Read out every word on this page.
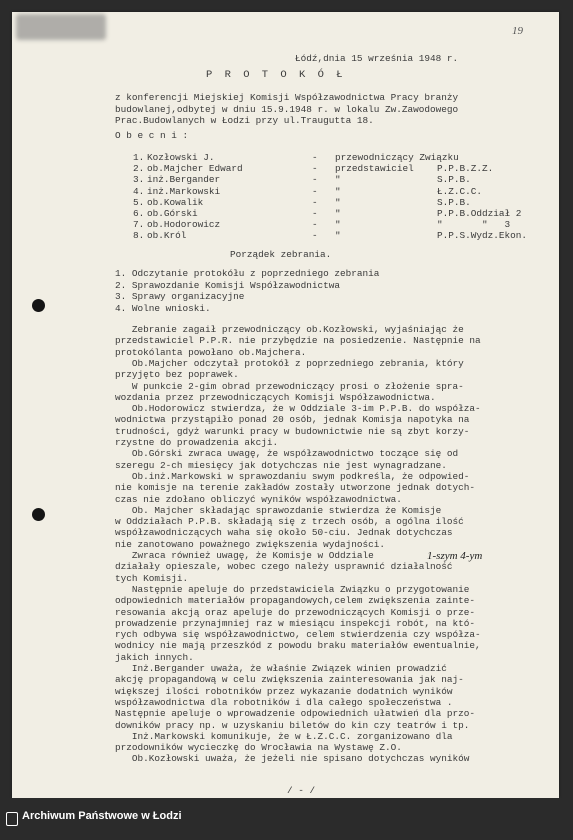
19
Łódź,dnia 15 września 1948 r.
P R O T O K Ó Ł
z konferencji Miejskiej Komisji Współzawodnictwa Pracy branży
budowlanej,odbytej w dniu 15.9.1948 r. w lokalu Zw.Zawodowego
Prac.Budowlanych w Łodzi przy ul.Traugutta 18.
O b e c n i :
1. Kozłowski J.	- przewodniczący Związku
2. ob.Majcher Edward	- przedstawiciel P.P.B.Z.Z.
3. inż.Bergander	- "	S.P.B.
4. inż.Markowski	- "	Ł.Z.C.C.
5. ob.Kowalik	- "	S.P.B.
6. ob.Górski	- "	P.P.B.Oddział 2
7. ob.Hodorowicz	- "	"       "   3
8. ob.Król	- "	P.P.S.Wydz.Ekon.
Porządek zebrania.
1. Odczytanie protokółu z poprzedniego zebrania
2. Sprawozdanie Komisji Współzawodnictwa
3. Sprawy organizacyjne
4. Wolne wnioski.
Zebranie zagaił przewodniczący ob.Kozłowski, wyjaśniając że
przedstawiciel P.P.R. nie przybędzie na posiedzenie. Następnie na
protokólanta powołano ob.Majchera.
Ob.Majcher odczytał protokół z poprzedniego zebrania, który
przyjęto bez poprawek.
W punkcie 2-gim obrad przewodniczący prosi o złożenie spra-
wozdania przez przewodniczących Komisji Współzawodnictwa.
Ob.Hodorowicz stwierdza, że w Oddziale 3-im P.P.B. do współza-
wodnictwa przystąpiło ponad 20 osób, jednak Komisja napotyka na
trudności, gdyż warunki pracy w budownictwie nie są zbyt korzy-
rzystne do prowadzenia akcji.
Ob.Górski zwraca uwagę, że współzawodnictwo toczące się od
szeregu 2-ch miesięcy jak dotychczas nie jest wynagradzane.
Ob.inż.Markowski w sprawozdaniu swym podkreśla, że odpowied-
nie komisje na terenie zakładów zostały utworzone jednak dotych-
czas nie zdołano obliczyć wyników współzawodnictwa.
Ob. Majcher składając sprawozdanie stwierdza że Komisje
w Oddziałach P.P.B. składają się z trzech osób, a ogólna ilość
współzawodniczących waha się około 50-ciu. Jednak dotychczas
nie zanotowano poważnego zwiększenia wydajności.
Zwraca również uwagę, że Komisje w Oddziale
działały opieszale, wobec czego należy usprawnić działalność
tych Komisji.
Następnie apeluje do przedstawiciela Związku o przygotowanie
odpowiednich materiałów propagandowych,celem zwiększenia zainte-
resowania akcją oraz apeluje do przewodniczących Komisji o prze-
prowadzenie przynajmniej raz w miesiącu inspekcji robót, na któ-
rych odbywa się współzawodnictwo, celem stwierdzenia czy współza-
wodnicy nie mają przeszkód z powodu braku materiałów ewentualnie,
jakich innych.
Inż.Bergander uważa, że właśnie Związek winien prowadzić
akcję propagandową w celu zwiększenia zainteresowania jak naj-
większej ilości robotników przez wykazanie dodatnich wyników
współzawodnictwa dla robotników i dla całego społeczeństwa .
Następnie apeluje o wprowadzenie odpowiednich ułatwień dla przo-
downików pracy np. w uzyskaniu biletów do kin czy teatrów i tp.
Inż.Markowski komunikuje, że w Ł.Z.C.C. zorganizowano dla
przodowników wycieczkę do Wrocławia na Wystawę Z.O.
Ob.Kozłowski uważa, że jeżeli nie spisano dotychczas wyników
1-szym 4-ym
/ - /
Archiwum Państwowe w Łodzi
